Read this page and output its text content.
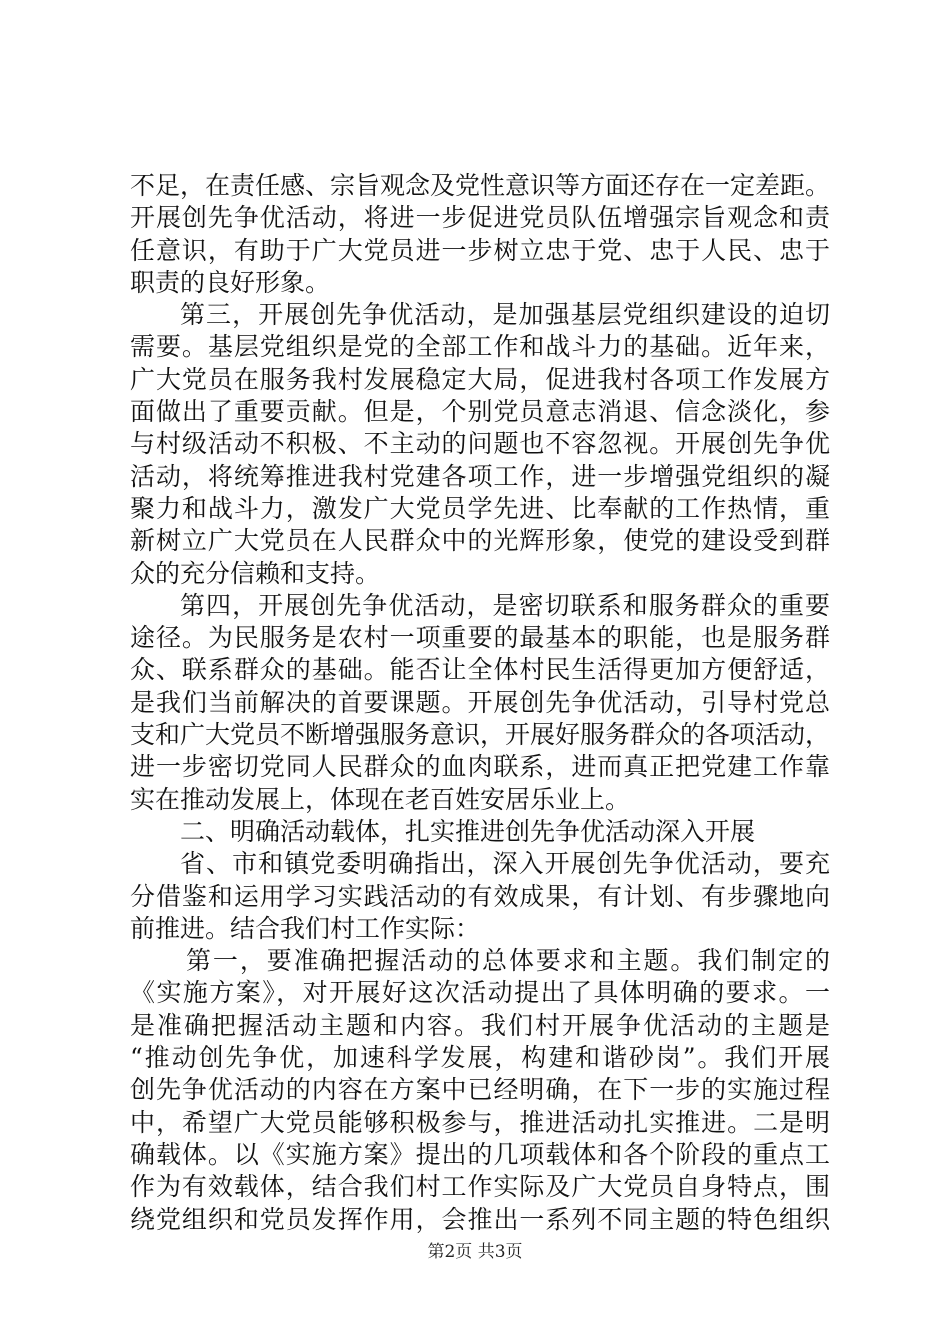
不足，在责任感、宗旨观念及党性意识等方面还存在一定差距。
开展创先争优活动，将进一步促进党员队伍增强宗旨观念和责
任意识，有助于广大党员进一步树立忠于党、忠于人民、忠于
职责的良好形象。
第三，开展创先争优活动，是加强基层党组织建设的迫切
需要。基层党组织是党的全部工作和战斗力的基础。近年来，
广大党员在服务我村发展稳定大局，促进我村各项工作发展方
面做出了重要贡献。但是，个别党员意志消退、信念淡化，参
与村级活动不积极、不主动的问题也不容忽视。开展创先争优
活动，将统筹推进我村党建各项工作，进一步增强党组织的凝
聚力和战斗力，激发广大党员学先进、比奉献的工作热情，重
新树立广大党员在人民群众中的光辉形象，使党的建设受到群
众的充分信赖和支持。
第四，开展创先争优活动，是密切联系和服务群众的重要
途径。为民服务是农村一项重要的最基本的职能，也是服务群
众、联系群众的基础。能否让全体村民生活得更加方便舒适，
是我们当前解决的首要课题。开展创先争优活动，引导村党总
支和广大党员不断增强服务意识，开展好服务群众的各项活动，
进一步密切党同人民群众的血肉联系，进而真正把党建工作靠
实在推动发展上，体现在老百姓安居乐业上。
二、明确活动载体，扎实推进创先争优活动深入开展
省、市和镇党委明确指出，深入开展创先争优活动，要充
分借鉴和运用学习实践活动的有效成果，有计划、有步骤地向
前推进。结合我们村工作实际：
第一，要准确把握活动的总体要求和主题。我们制定的
《实施方案》，对开展好这次活动提出了具体明确的要求。一
是准确把握活动主题和内容。我们村开展争优活动的主题是
“推动创先争优，加速科学发展，构建和谐砂岗”。我们开展
创先争优活动的内容在方案中已经明确，在下一步的实施过程
中，希望广大党员能够积极参与，推进活动扎实推进。二是明
确载体。以《实施方案》提出的几项载体和各个阶段的重点工
作为有效载体，结合我们村工作实际及广大党员自身特点，围
绕党组织和党员发挥作用，会推出一系列不同主题的特色组织
第2页 共3页
